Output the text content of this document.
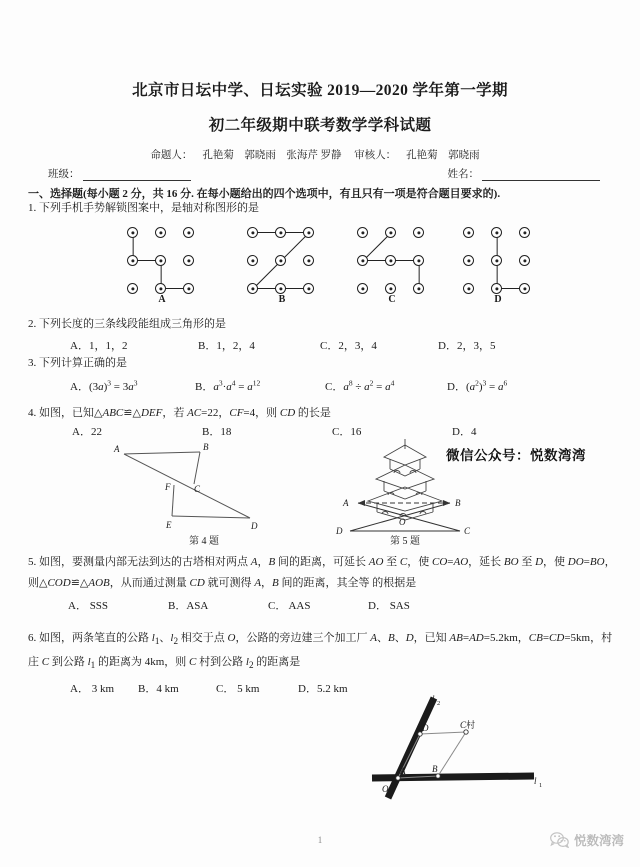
北京市日坛中学、日坛实验 2019—2020 学年第一学期
初二年级期中联考数学学科试题
命题人： 孔艳菊　郭晓雨　张海芹 罗静 审核人： 孔艳菊　郭晓雨
班级：	姓名：
一、选择题(每小题 2 分，共 16 分. 在每小题给出的四个选项中，有且只有一项是符合题目要求的).
1. 下列手机手势解锁图案中，是轴对称图形的是
A	B	C	D
2. 下列长度的三条线段能组成三角形的是
A．1，1，2	B．1，2，4	C．2，3，4	D．2，3，5
3. 下列计算正确的是
A．$(3a)^3 = 3a^3$	B．$a^3\cdot a^4 = a^{12}$	C．$a^8 \div a^2 = a^4$	D．$(a^2)^3 = a^6$
4. 如图，已知△ABC≌△DEF，若 AC=22，CF=4，则 CD 的长是
A．22	B．18	C．16	D．4
A	B
C
F
E	D
第 4 题
A	B
D
O
C
第 5 题
微信公众号：悦数湾湾
5. 如图，要测量内部无法到达的古塔相对两点 A，B 间的距离，可延长 AO 至 C，使 CO=AO，延长 BO 至 D，使 DO=BO，则△COD≌△AOB，从而通过测量 CD 就可测得 A，B 间的距离，其全等 的根据是
A． SSS	B．ASA	C． AAS	D． SAS
6. 如图，两条笔直的公路 $l_1$、$l_2$ 相交于点 O，公路的旁边建三个加工厂 A、B、D，已知 AB=AD=5.2km，CB=CD=5km，村庄 C 到公路 $l_1$ 的距离为 4km，则 C 村到公路 $l_2$ 的距离是
A． 3 km	B．4 km	C． 5 km	D．5.2 km
l 2
D	C村
A	B
O
l 1
1	悦数湾湾
